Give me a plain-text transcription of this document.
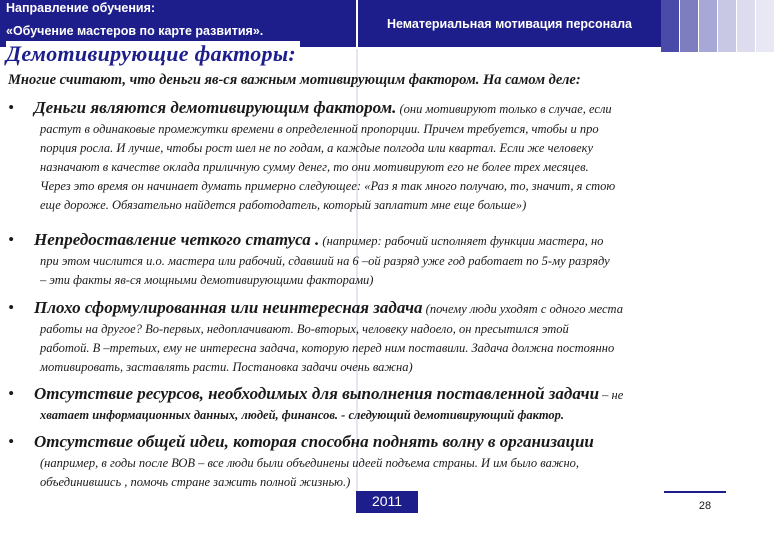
Направление обучения:
«Обучение мастеров по карте развития».
Нематериальная мотивация персонала
Демотивирующие факторы:
Многие считают, что деньги яв-ся важным мотивирующим фактором. На самом деле:
• Деньги являются демотивирующим фактором. (они мотивируют только в случае, если
растут в одинаковые промежутки времени в определенной пропорции. Причем требуется, чтобы и про
порция росла. И лучше, чтобы рост шел не по годам, а каждые полгода или квартал. Если же человеку
назначают в качестве оклада приличную сумму денег, то они мотивируют его не более трех месяцев.
Через это время он начинает думать примерно следующее: «Раз я так много получаю, то, значит, я стою
еще дороже. Обязательно найдется работодатель, который заплатит мне еще больше»)
• Непредоставление четкого статуса . (например: рабочий исполняет функции мастера, но
при этом числится и.о. мастера или рабочий, сдавший на 6 –ой разряд уже год работает по 5-му разряду
– эти факты яв-ся мощными демотивирующими факторами)
• Плохо сформулированная или неинтересная задача (почему люди уходят с одного места
работы на другое? Во-первых, недоплачивают. Во-вторых, человеку надоело, он пресытился этой
работой. В –третьих, ему не интересна задача, которую перед ним поставили. Задача должна постоянно
мотивировать, заставлять расти. Постановка задачи очень важна)
• Отсутствие ресурсов, необходимых для выполнения поставленной задачи – не
хватает информационных данных, людей, финансов. - следующий демотивирующий фактор.
• Отсутствие общей идеи, которая способна поднять волну в организации
(например, в годы после ВОВ – все люди были объединены идеей подъема страны. И им было важно,
объединившись , помочь стране зажить полной жизнью.)
2011	28
